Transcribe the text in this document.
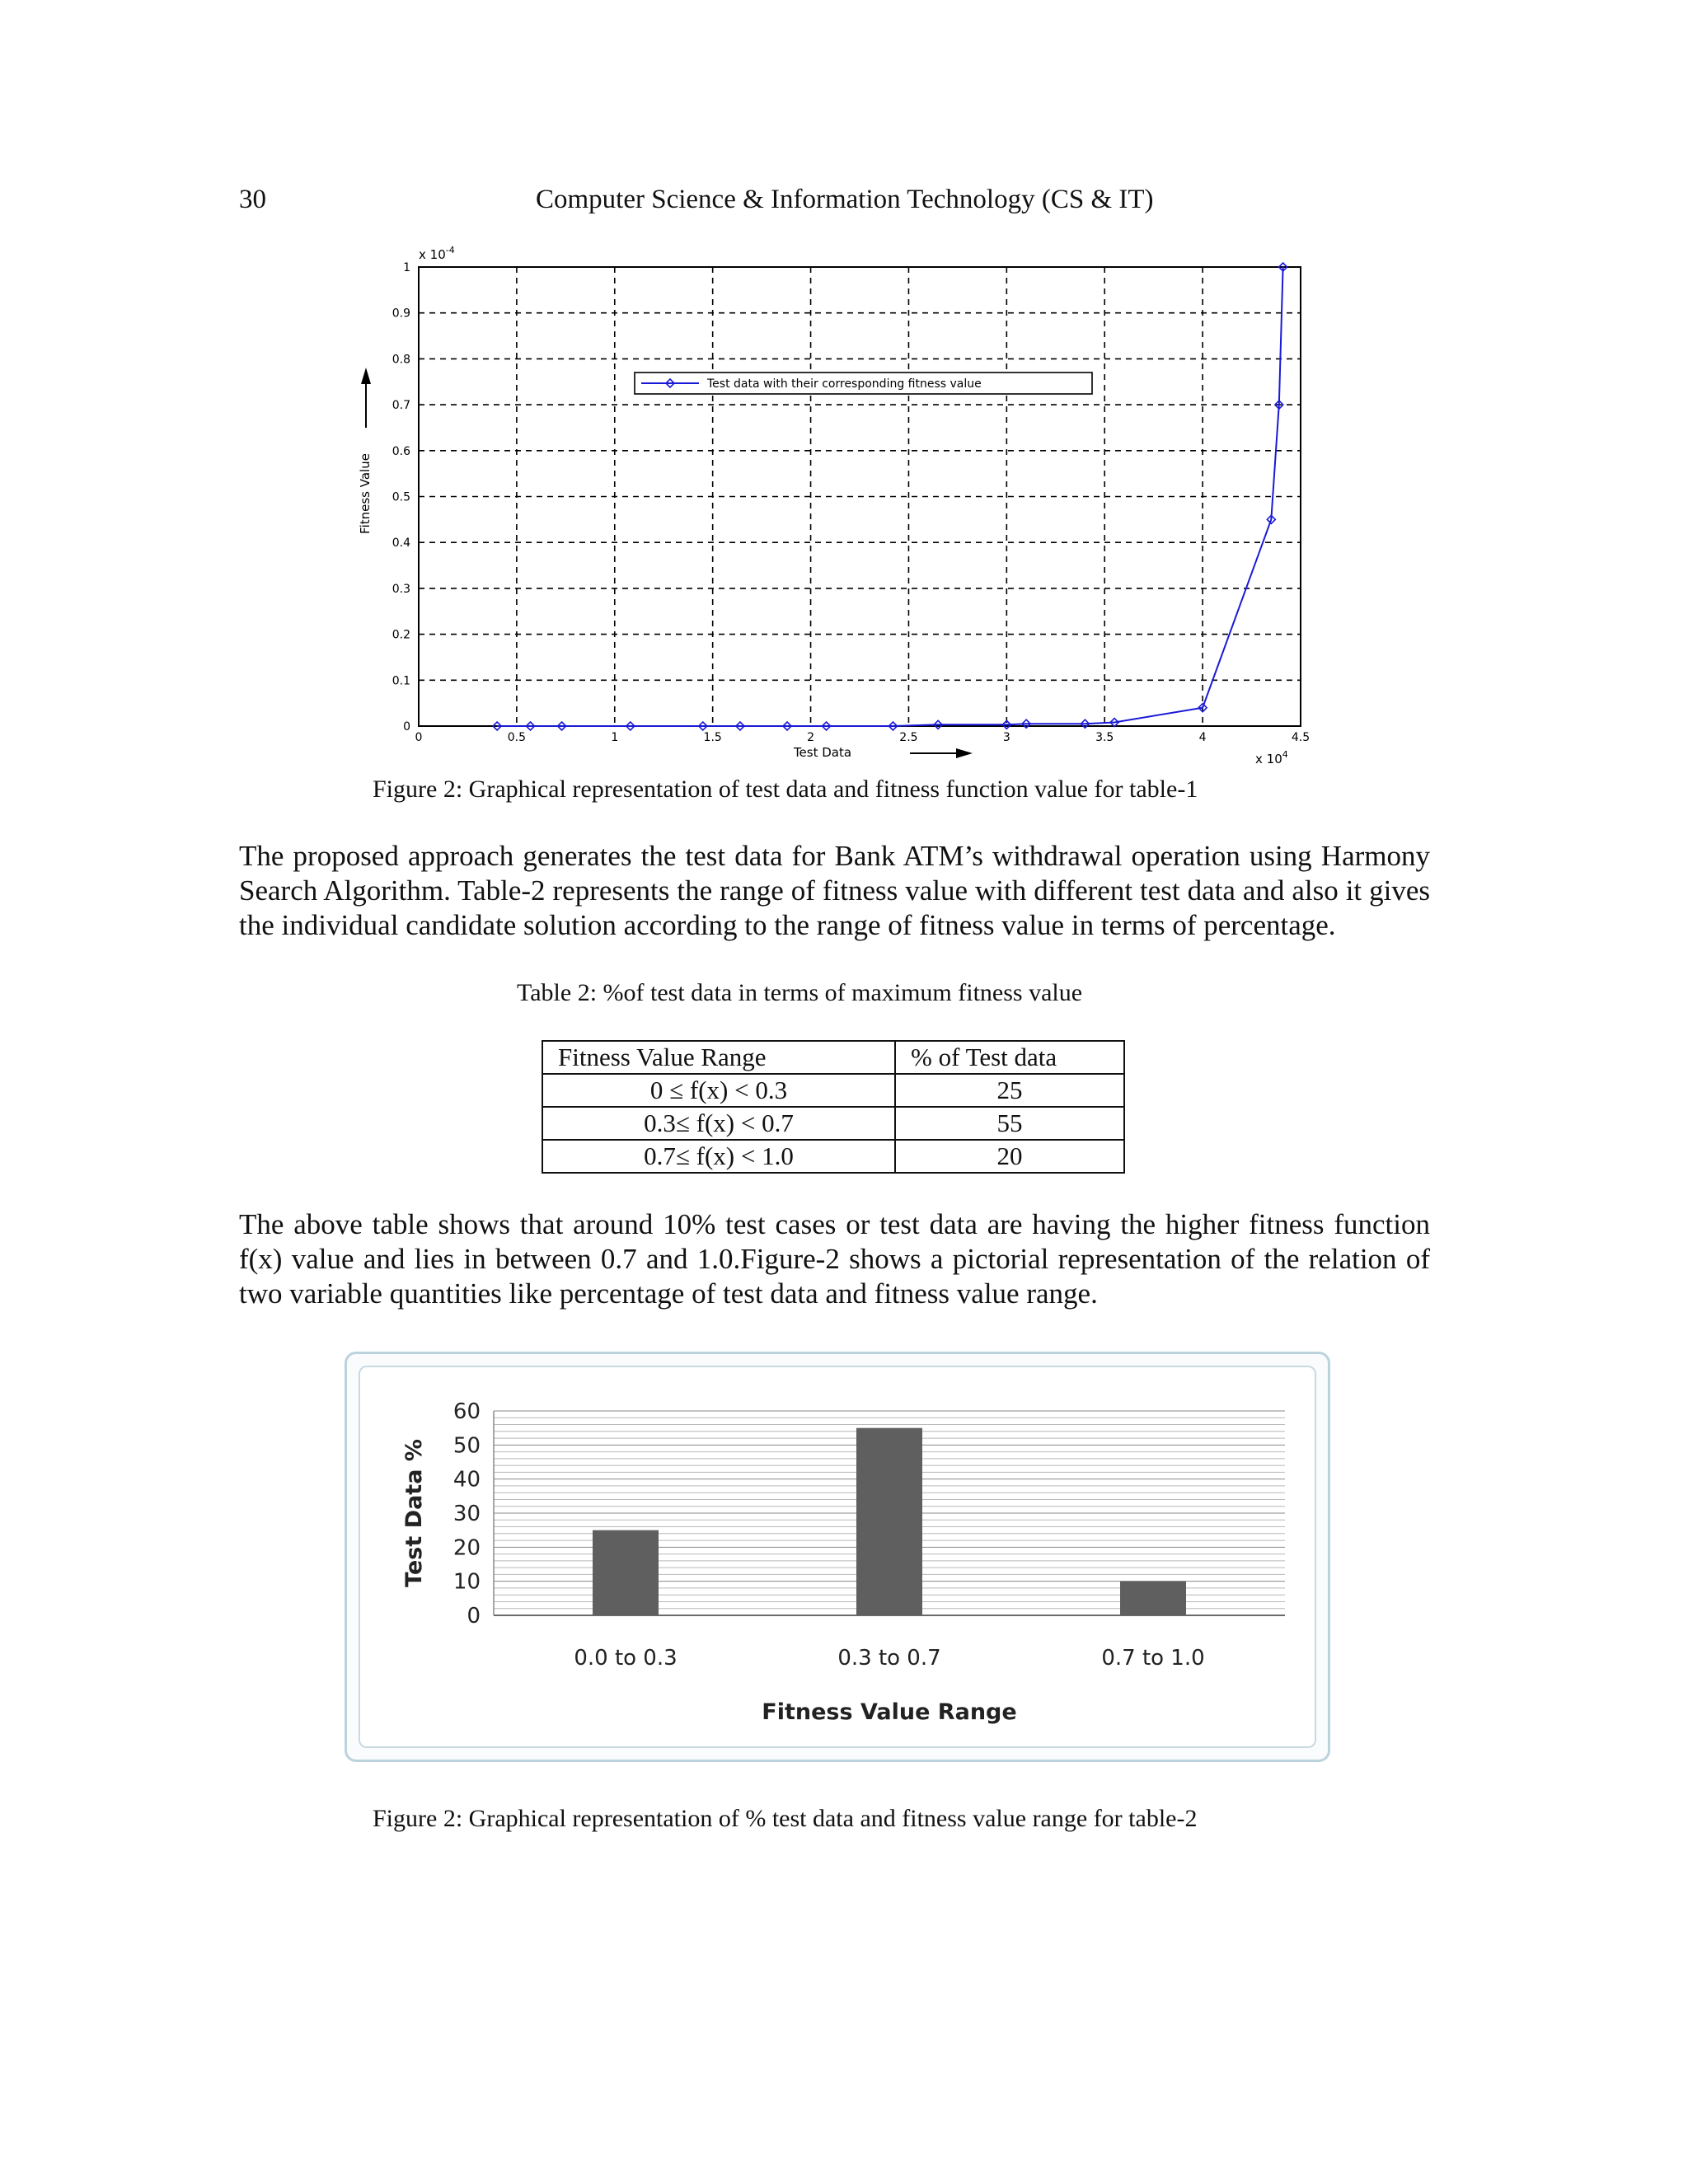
30	Computer Science & Information Technology (CS & IT)
0	0.5	1	1.5	2	2.5	3	3.5	4	4.5
0
0.1
0.2
0.3
0.4
0.5
0.6
0.7
0.8
0.9
1
x $10^{-4}$
x $10^4$
Test Data
Fitness Value
Test data with their corresponding fitness value
Figure 2: Graphical representation of test data and fitness function value for table-1

The proposed approach generates the test data for Bank ATM’s withdrawal operation using Harmony Search Algorithm. Table-2 represents the range of fitness value with different test data and also it gives the individual candidate solution according to the range of fitness value in terms of percentage.

Table 2: %of test data in terms of maximum fitness value
Fitness Value Range	% of Test data
0 ≤ f(x) < 0.3	25
0.3≤ f(x) < 0.7	55
0.7≤ f(x) < 1.0	20

The above table shows that around 10% test cases or test data are having the higher fitness function f(x) value and lies in between 0.7 and 1.0.Figure-2 shows a pictorial representation of the relation of two variable quantities like percentage of test data and fitness value range.

0
10
20
30
40
50
60
0.0 to 0.3	0.3 to 0.7	0.7 to 1.0
Fitness Value Range
Test Data %
Figure 2: Graphical representation of % test data and fitness value range for table-2
